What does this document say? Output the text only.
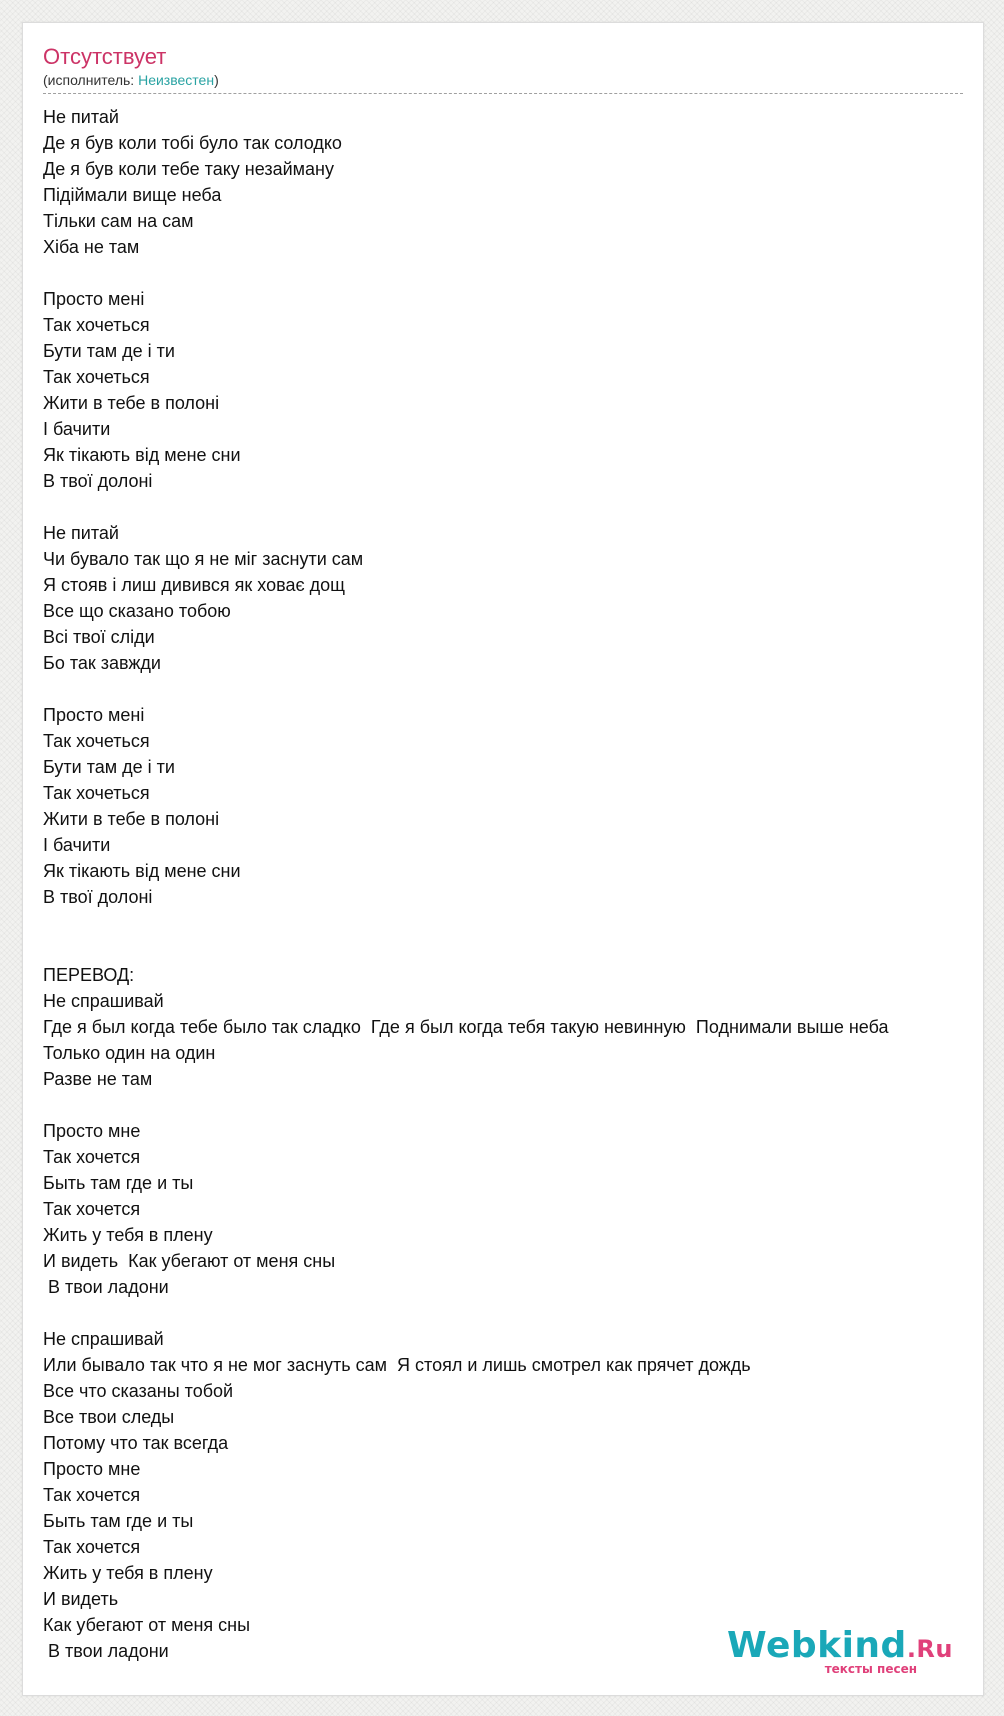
Отсутствует
(исполнитель: Неизвестен)
Не питай
Де я був коли тобі було так солодко
Де я був коли тебе таку незайману
Підіймали вище неба
Тільки сам на сам
Хіба не там

Просто мені
Так хочеться
Бути там де і ти
Так хочеться
Жити в тебе в полоні
І бачити
Як тікають від мене сни
В твої долоні

Не питай
Чи бувало так що я не міг заснути сам
Я стояв і лиш дивився як ховає дощ
Все що сказано тобою
Всі твої сліди
Бо так завжди

Просто мені
Так хочеться
Бути там де і ти
Так хочеться
Жити в тебе в полоні
І бачити
Як тікають від мене сни
В твої долоні

ПЕРЕВОД:
Не спрашивай
Где я был когда тебе было так сладко  Где я был когда тебя такую невинную  Поднимали выше неба
Только один на один
Разве не там

Просто мне
Так хочется
Быть там где и ты
Так хочется
Жить у тебя в плену
И видеть  Как убегают от меня сны
В твои ладони

Не спрашивай
Или бывало так что я не мог заснуть сам  Я стоял и лишь смотрел как прячет дождь
Все что сказаны тобой
Все твои следы
Потому что так всегда
Просто мне
Так хочется
Быть там где и ты
Так хочется
Жить у тебя в плену
И видеть
Как убегают от меня сны
В твои ладони	Webkind.Ru
тексты песен
